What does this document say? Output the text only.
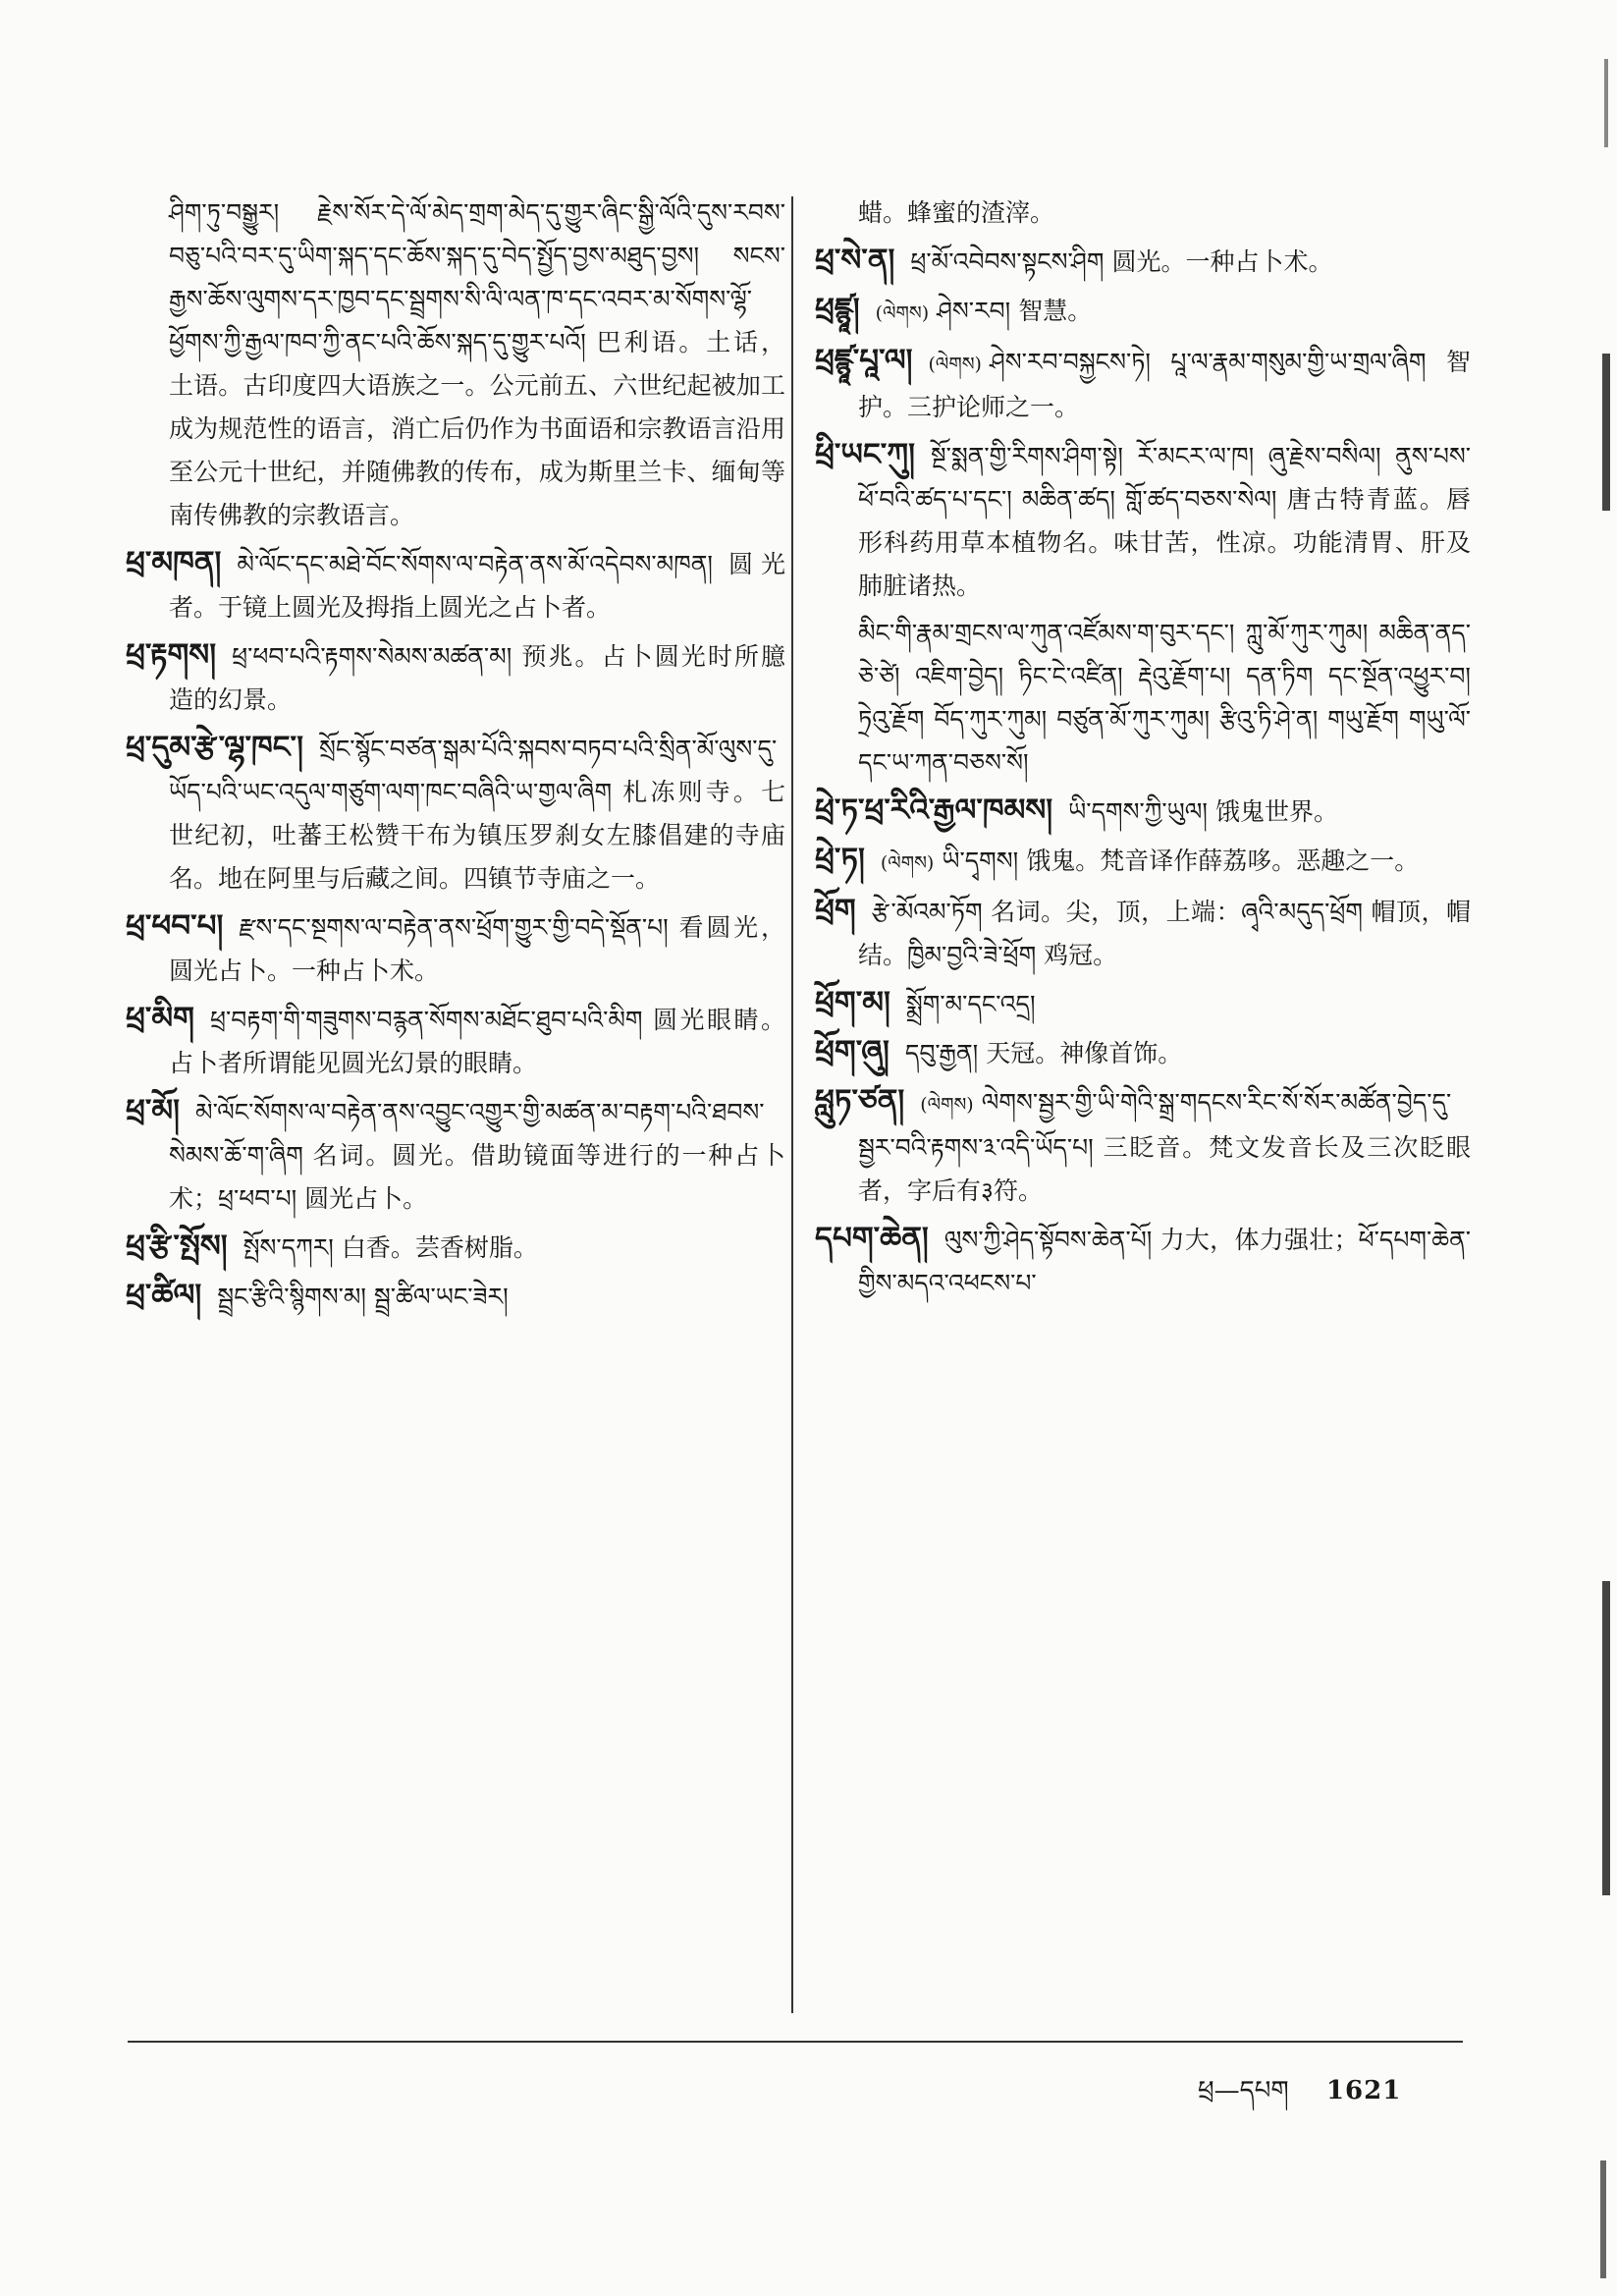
ཤིག་ཏུ་བསྒྱུར། རྗེས་སོར་དེ་ལོ་མེད་གྲག་མེད་དུ་གྱུར་ཞིང་སྒྱི་ལོའི་དུས་རབས་བཅུ་པའི་བར་དུ་ཡིག་སྐད་དང་ཆོས་སྐད་དུ་བེད་སྤྱོད་བྱས་མཐུད་བྱས། སངས་རྒྱས་ཆོས་ལུགས་དར་ཁྱབ་དང་སྦྲགས་སི་ལི་ལན་ཁ་དང་འབར་མ་སོགས་ལྷོ་ཕྱོགས་ཀྱི་རྒྱལ་ཁབ་ཀྱི་ནང་པའི་ཆོས་སྐད་དུ་གྱུར་པའོ། 巴利语。土话，土语。古印度四大语族之一。公元前五、六世纪起被加工成为规范性的语言，消亡后仍作为书面语和宗教语言沿用至公元十世纪，并随佛教的传布，成为斯里兰卡、缅甸等南传佛教的宗教语言。

ཕྲ་མཁན། མེ་ལོང་དང་མཐེ་བོང་སོགས་ལ་བརྟེན་ནས་མོ་འདེབས་མཁན། 圆光者。于镜上圆光及拇指上圆光之占卜者。

ཕྲ་རྟགས། ཕྲ་ཕབ་པའི་རྟགས་སེམས་མཚན་མ། 预兆。占卜圆光时所臆造的幻景。

ཕྲ་དུམ་རྩེ་ལྷ་ཁང་། སྲོང་སྙོང་བཙན་སྒམ་པོའི་སྐབས་བཏབ་པའི་སྲིན་མོ་ལུས་དུ་ཡོད་པའི་ཡང་འདུལ་གཙུག་ལག་ཁང་བཞིའི་ཡ་གྱལ་ཞིག 札冻则寺。七世纪初，吐蕃王松赞干布为镇压罗刹女左膝倡建的寺庙名。地在阿里与后藏之间。四镇节寺庙之一。

ཕྲ་ཕབ་པ། རྫས་དང་སྔགས་ལ་བརྟེན་ནས་ཕྲོག་གྱུར་གྱི་བདེ་སྡོན་པ། 看圆光，圆光占卜。一种占卜术。

ཕྲ་མིག ཕྲ་བརྟག་གི་གཟུགས་བརྙན་སོགས་མཐོང་ཐུབ་པའི་མིག 圆光眼睛。占卜者所谓能见圆光幻景的眼睛。

ཕྲ་མོ། མེ་ལོང་སོགས་ལ་བརྟེན་ནས་འབྱུང་འགྱུར་གྱི་མཚན་མ་བརྟག་པའི་ཐབས་སེམས་ཆོ་ག་ཞིག 名词。圆光。借助镜面等进行的一种占卜术；ཕྲ་ཕབ་པ། 圆光占卜。

ཕྲ་རྩི་སྤོས། སྤོས་དཀར། 白香。芸香树脂。

ཕྲ་ཚིལ། སྦྲང་རྩིའི་སྙིགས་མ། སྦྲ་ཚིལ་ཡང་ཟེར།

蜡。蜂蜜的渣滓。

ཕྲ་སེ་ན། ཕྲ་མོ་འབེབས་སྟངས་ཤིག 圆光。一种占卜术。

ཕྲཛྙཱ། (ལེགས) ཤེས་རབ། 智慧。

ཕྲཛྙཱ་པཱ་ལ། (ལེགས) ཤེས་རབ་བསྐྱངས་ཏེ། པཱ་ལ་རྣམ་གསུམ་གྱི་ཡ་གྲལ་ཞིག 智护。三护论师之一。

ཕྲི་ཡང་ཀུ། སྔོ་སྨན་གྱི་རིགས་ཤིག་སྟེ། རོ་མངར་ལ་ཁ། ཞུ་རྗེས་བསིལ། ནུས་པས་ཕོ་བའི་ཚད་པ་དང་། མཆིན་ཚད། གློ་ཚད་བཅས་སེལ། 唐古特青蓝。唇形科药用草本植物名。味甘苦，性凉。功能清胃、肝及肺脏诸热。

མིང་གི་རྣམ་གྲངས་ལ་ཀུན་འཛོམས་ག་བུར་དང་། ཀླུ་མོ་ཀུར་ཀུམ། མཆིན་ནད་ཅེ་ཙེ། འཇིག་བྱེད། ཏིང་ངེ་འཛིན། རྡེའུ་རྗོག་པ། དན་ཏིག དང་སྔོན་འཕྱུར་བ། ཏྲེའུ་རྗོག བོད་ཀུར་ཀུམ། བཙུན་མོ་ཀུར་ཀུམ། རྩིའུ་ཏི་ཤེ་ན། གཡུ་རྗོག གཡུ་ལོ་དང་ཡ་ཀན་བཅས་སོ།

ཕྲེ་ཏ་ཕྲ་རིའི་རྒྱལ་ཁམས། ཡི་དགས་ཀྱི་ཡུལ། 饿鬼世界。

ཕྲེ་ཏ། (ལེགས) ཡི་དྭགས། 饿鬼。梵音译作薛荔哆。恶趣之一。

ཕྲོག རྩེ་མོའམ་ཏོག 名词。尖，顶，上端：ཞྭའི་མདུད་ཕྲོག 帽顶，帽结。ཁྱིམ་བྱའི་ཟེ་ཕྲོག 鸡冠。

ཕྲོག་མ། སྨྲོག་མ་དང་འདྲ།

ཕྲོག་ཞུ། དབུ་རྒྱན། 天冠。神像首饰。

ཕླུཏ་ཙན། (ལེགས) ལེགས་སྦྱར་གྱི་ཡི་གེའི་སྒྲ་གདངས་རིང་སོ་སོར་མཚོན་བྱེད་དུ་སྦྱར་བའི་རྟགས་༣་འདི་ཡོད་པ། 三眨音。梵文发音长及三次眨眼者，字后有३符。

དཔག་ཆེན། ལུས་ཀྱི་ཤེད་སྟོབས་ཆེན་པོ། 力大，体力强壮；ཕོ་དཔག་ཆེན་གྱིས་མདའ་འཕངས་པ་

ཕྲ—དཔག 1621
